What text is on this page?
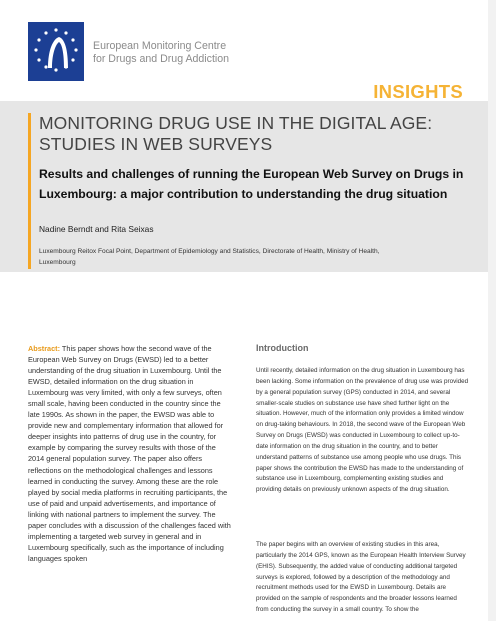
European Monitoring Centre
for Drugs and Drug Addiction
INSIGHTS
MONITORING DRUG USE IN THE DIGITAL AGE: STUDIES IN WEB SURVEYS
Results and challenges of running the European Web Survey on Drugs in Luxembourg: a major contribution to understanding the drug situation
Nadine Berndt and Rita Seixas
Luxembourg Reitox Focal Point, Department of Epidemiology and Statistics, Directorate of Health, Ministry of Health, Luxembourg

Abstract: This paper shows how the second wave of the European Web Survey on Drugs (EWSD) led to a better understanding of the drug situation in Luxembourg. Until the EWSD, detailed information on the drug situation in Luxembourg was very limited, with only a few surveys, often small scale, having been conducted in the country since the late 1990s. As shown in the paper, the EWSD was able to provide new and complementary information that allowed for deeper insights into patterns of drug use in the country, for example by comparing the survey results with those of the 2014 general population survey. The paper also offers reflections on the methodological challenges and lessons learned in conducting the survey. Among these are the role played by social media platforms in recruiting participants, the use of paid and unpaid advertisements, and importance of linking with national partners to implement the survey. The paper concludes with a discussion of the challenges faced with implementing a targeted web survey in general and in Luxembourg specifically, such as the importance of including languages spoken

Introduction

Until recently, detailed information on the drug situation in Luxembourg has been lacking. Some information on the prevalence of drug use was provided by a general population survey (GPS) conducted in 2014, and several smaller-scale studies on substance use have shed further light on the situation. However, much of the information only provides a limited window on drug-taking behaviours. In 2018, the second wave of the European Web Survey on Drugs (EWSD) was conducted in Luxembourg to collect up-to-date information on the drug situation in the country, and to better understand patterns of substance use among people who use drugs. This paper shows the contribution the EWSD has made to the understanding of substance use in Luxembourg, complementing existing studies and providing details on previously unknown aspects of the drug situation.

The paper begins with an overview of existing studies in this area, particularly the 2014 GPS, known as the European Health Interview Survey (EHIS). Subsequently, the added value of conducting additional targeted surveys is explored, followed by a description of the methodology and recruitment methods used for the EWSD in Luxembourg. Details are provided on the sample of respondents and the broader lessons learned from conducting the survey in a small country. To show the
